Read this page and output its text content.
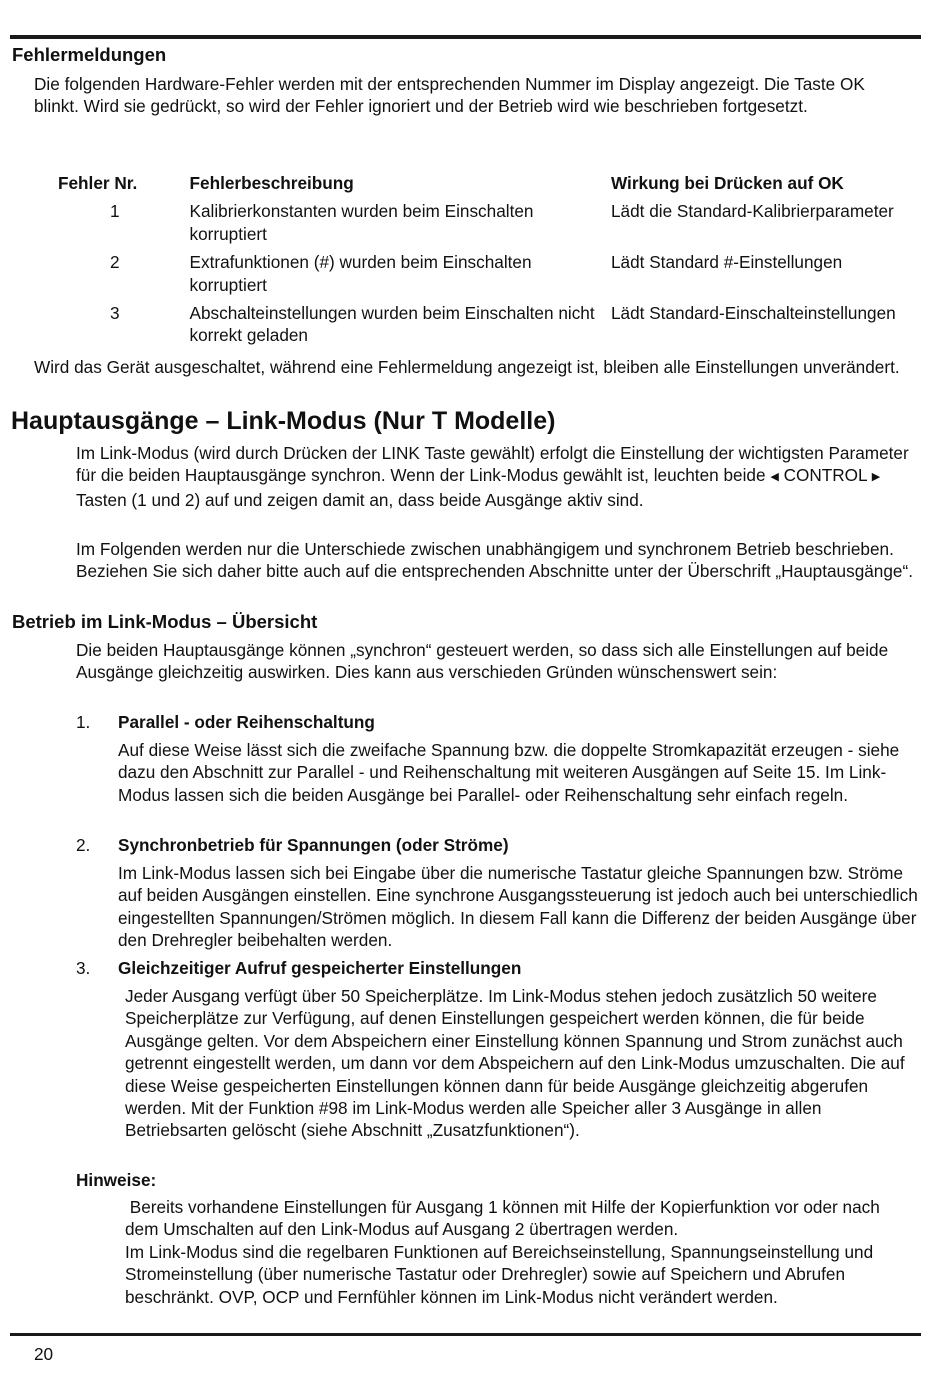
Fehlermeldungen

Die folgenden Hardware-Fehler werden mit der entsprechenden Nummer im Display angezeigt. Die Taste OK blinkt. Wird sie gedrückt, so wird der Fehler ignoriert und der Betrieb wird wie beschrieben fortgesetzt.

Fehler Nr.	Fehlerbeschreibung	Wirkung bei Drücken auf OK
1	Kalibrierkonstanten wurden beim Einschalten korruptiert	Lädt die Standard-Kalibrierparameter
2	Extrafunktionen (#) wurden beim Einschalten korruptiert	Lädt Standard #-Einstellungen
3	Abschalteinstellungen wurden beim Einschalten nicht korrekt geladen	Lädt Standard-Einschalteinstellungen

Wird das Gerät ausgeschaltet, während eine Fehlermeldung angezeigt ist, bleiben alle Einstellungen unverändert.

Hauptausgänge – Link-Modus (Nur T Modelle)

Im Link-Modus (wird durch Drücken der LINK Taste gewählt) erfolgt die Einstellung der wichtigsten Parameter für die beiden Hauptausgänge synchron. Wenn der Link-Modus gewählt ist, leuchten beide ◀ CONTROL ▶ Tasten (1 und 2) auf und zeigen damit an, dass beide Ausgänge aktiv sind.

Im Folgenden werden nur die Unterschiede zwischen unabhängigem und synchronem Betrieb beschrieben. Beziehen Sie sich daher bitte auch auf die entsprechenden Abschnitte unter der Überschrift „Hauptausgänge“.

Betrieb im Link-Modus – Übersicht

Die beiden Hauptausgänge können „synchron“ gesteuert werden, so dass sich alle Einstellungen auf beide Ausgänge gleichzeitig auswirken. Dies kann aus verschieden Gründen wünschenswert sein:

1. Parallel - oder Reihenschaltung

Auf diese Weise lässt sich die zweifache Spannung bzw. die doppelte Stromkapazität erzeugen - siehe dazu den Abschnitt zur Parallel - und Reihenschaltung mit weiteren Ausgängen auf Seite 15. Im Link-Modus lassen sich die beiden Ausgänge bei Parallel- oder Reihenschaltung sehr einfach regeln.

2. Synchronbetrieb für Spannungen (oder Ströme)

Im Link-Modus lassen sich bei Eingabe über die numerische Tastatur gleiche Spannungen bzw. Ströme auf beiden Ausgängen einstellen. Eine synchrone Ausgangssteuerung ist jedoch auch bei unterschiedlich eingestellten Spannungen/Strömen möglich. In diesem Fall kann die Differenz der beiden Ausgänge über den Drehregler beibehalten werden.

3. Gleichzeitiger Aufruf gespeicherter Einstellungen

Jeder Ausgang verfügt über 50 Speicherplätze. Im Link-Modus stehen jedoch zusätzlich 50 weitere Speicherplätze zur Verfügung, auf denen Einstellungen gespeichert werden können, die für beide Ausgänge gelten. Vor dem Abspeichern einer Einstellung können Spannung und Strom zunächst auch getrennt eingestellt werden, um dann vor dem Abspeichern auf den Link-Modus umzuschalten. Die auf diese Weise gespeicherten Einstellungen können dann für beide Ausgänge gleichzeitig abgerufen werden. Mit der Funktion #98 im Link-Modus werden alle Speicher aller 3 Ausgänge in allen Betriebsarten gelöscht (siehe Abschnitt „Zusatzfunktionen“).

Hinweise:

Bereits vorhandene Einstellungen für Ausgang 1 können mit Hilfe der Kopierfunktion vor oder nach dem Umschalten auf den Link-Modus auf Ausgang 2 übertragen werden.

Im Link-Modus sind die regelbaren Funktionen auf Bereichseinstellung, Spannungseinstellung und Stromeinstellung (über numerische Tastatur oder Drehregler) sowie auf Speichern und Abrufen beschränkt. OVP, OCP und Fernfühler können im Link-Modus nicht verändert werden.

20
